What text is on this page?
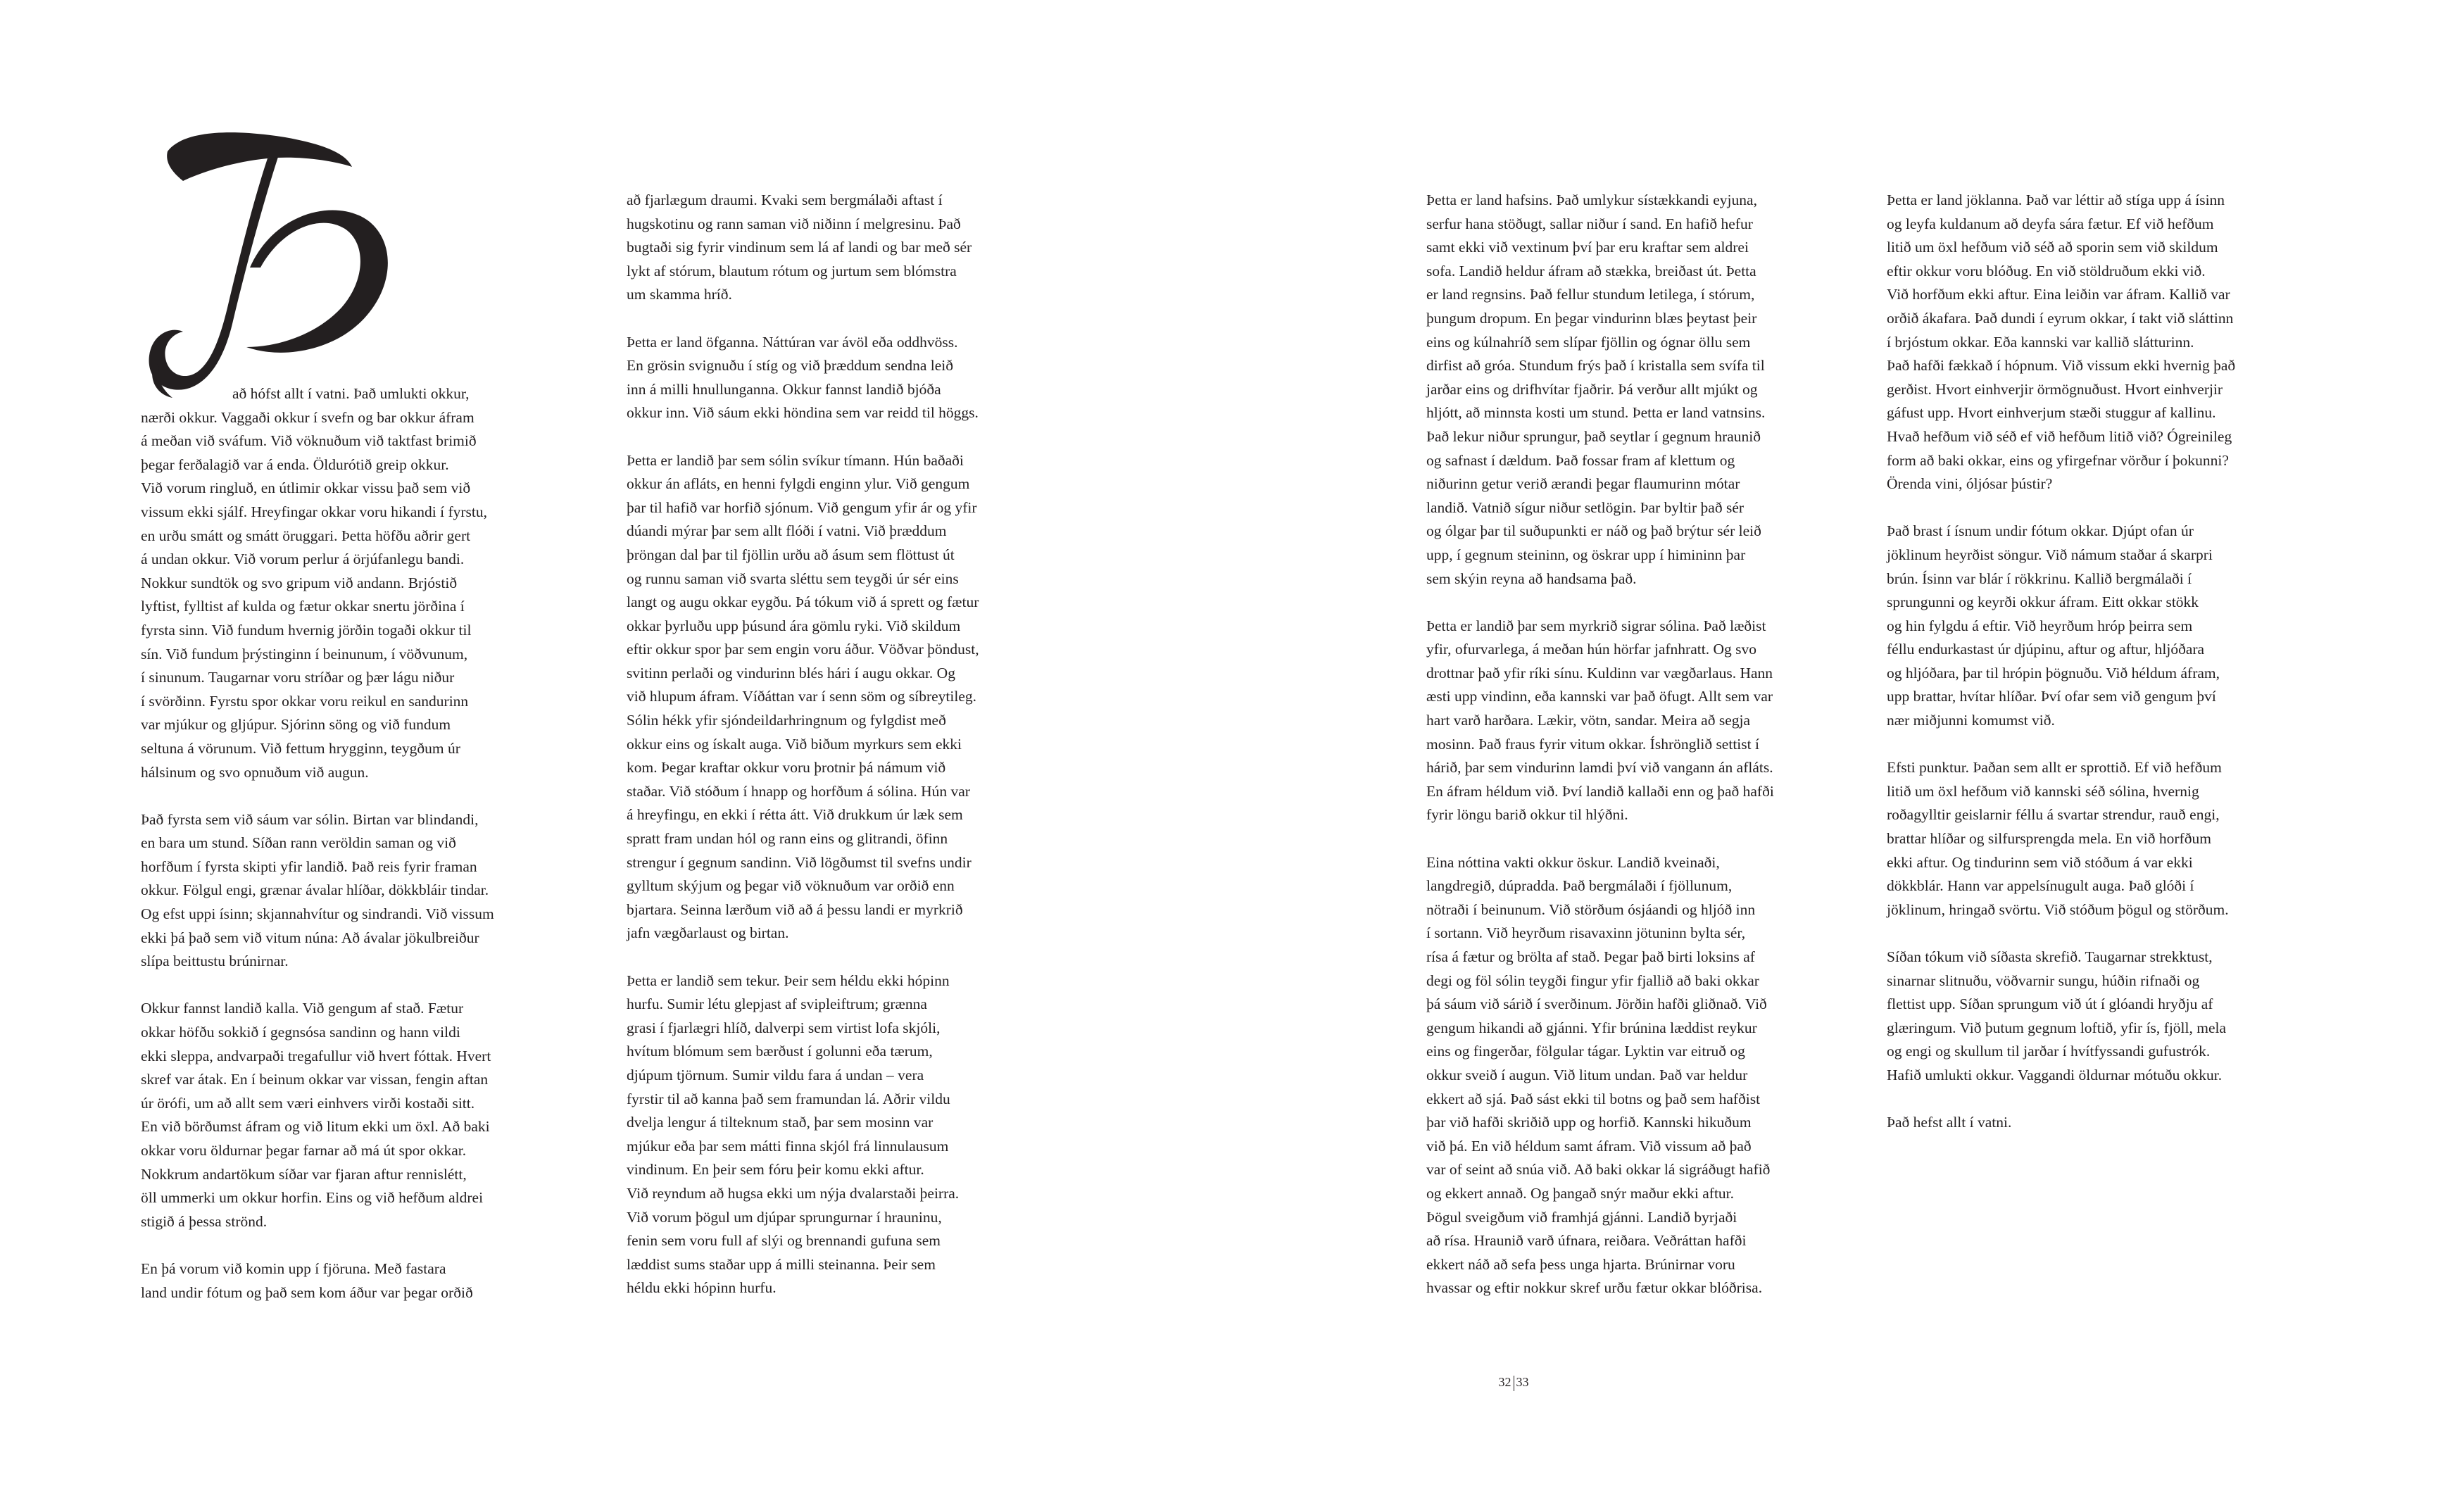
að hófst allt í vatni. Það umlukti okkur,
nærði okkur. Vaggaði okkur í svefn og bar okkur áfram
á meðan við sváfum. Við vöknuðum við taktfast brimið
þegar ferðalagið var á enda. Öldurótið greip okkur.
Við vorum ringluð, en útlimir okkar vissu það sem við
vissum ekki sjálf. Hreyfingar okkar voru hikandi í fyrstu,
en urðu smátt og smátt öruggari. Þetta höfðu aðrir gert
á undan okkur. Við vorum perlur á örjúfanlegu bandi.
Nokkur sundtök og svo gripum við andann. Brjóstið
lyftist, fylltist af kulda og fætur okkar snertu jörðina í
fyrsta sinn. Við fundum hvernig jörðin togaði okkur til
sín. Við fundum þrýstinginn í beinunum, í vöðvunum,
í sinunum. Taugarnar voru stríðar og þær lágu niður
í svörðinn. Fyrstu spor okkar voru reikul en sandurinn
var mjúkur og gljúpur. Sjórinn söng og við fundum
seltuna á vörunum. Við fettum hrygginn, teygðum úr
hálsinum og svo opnuðum við augun.

Það fyrsta sem við sáum var sólin. Birtan var blindandi,
en bara um stund. Síðan rann veröldin saman og við
horfðum í fyrsta skipti yfir landið. Það reis fyrir framan
okkur. Fölgul engi, grænar ávalar hlíðar, dökkbláir tindar.
Og efst uppi ísinn; skjannahvítur og sindrandi. Við vissum
ekki þá það sem við vitum núna: Að ávalar jökulbreiður
slípa beittustu brúnirnar.

Okkur fannst landið kalla. Við gengum af stað. Fætur
okkar höfðu sokkið í gegnsósa sandinn og hann vildi
ekki sleppa, andvarpaði tregafullur við hvert fóttak. Hvert
skref var átak. En í beinum okkar var vissan, fengin aftan
úr örófi, um að allt sem væri einhvers virði kostaði sitt.
En við börðumst áfram og við litum ekki um öxl. Að baki
okkar voru öldurnar þegar farnar að má út spor okkar.
Nokkrum andartökum síðar var fjaran aftur rennislétt,
öll ummerki um okkur horfin. Eins og við hefðum aldrei
stigið á þessa strönd.

En þá vorum við komin upp í fjöruna. Með fastara
land undir fótum og það sem kom áður var þegar orðið

að fjarlægum draumi. Kvaki sem bergmálaði aftast í
hugskotinu og rann saman við niðinn í melgresinu. Það
bugtaði sig fyrir vindinum sem lá af landi og bar með sér
lykt af stórum, blautum rótum og jurtum sem blómstra
um skamma hríð.

Þetta er land öfganna. Náttúran var ávöl eða oddhvöss.
En grösin svignuðu í stíg og við þræddum sendna leið
inn á milli hnullunganna. Okkur fannst landið bjóða
okkur inn. Við sáum ekki höndina sem var reidd til höggs.

Þetta er landið þar sem sólin svíkur tímann. Hún baðaði
okkur án afláts, en henni fylgdi enginn ylur. Við gengum
þar til hafið var horfið sjónum. Við gengum yfir ár og yfir
dúandi mýrar þar sem allt flóði í vatni. Við þræddum
þröngan dal þar til fjöllin urðu að ásum sem flöttust út
og runnu saman við svarta sléttu sem teygði úr sér eins
langt og augu okkar eygðu. Þá tókum við á sprett og fætur
okkar þyrluðu upp þúsund ára gömlu ryki. Við skildum
eftir okkur spor þar sem engin voru áður. Vöðvar þöndust,
svitinn perlaði og vindurinn blés hári í augu okkar. Og
við hlupum áfram. Víðáttan var í senn söm og síbreytileg.
Sólin hékk yfir sjóndeildarhringnum og fylgdist með
okkur eins og ískalt auga. Við biðum myrkurs sem ekki
kom. Þegar kraftar okkur voru þrotnir þá námum við
staðar. Við stóðum í hnapp og horfðum á sólina. Hún var
á hreyfingu, en ekki í rétta átt. Við drukkum úr læk sem
spratt fram undan hól og rann eins og glitrandi, öfinn
strengur í gegnum sandinn. Við lögðumst til svefns undir
gylltum skýjum og þegar við vöknuðum var orðið enn
bjartara. Seinna lærðum við að á þessu landi er myrkrið
jafn vægðarlaust og birtan.

Þetta er landið sem tekur. Þeir sem héldu ekki hópinn
hurfu. Sumir létu glepjast af svipleiftrum; grænna
grasi í fjarlægri hlíð, dalverpi sem virtist lofa skjóli,
hvítum blómum sem bærðust í golunni eða tærum,
djúpum tjörnum. Sumir vildu fara á undan – vera
fyrstir til að kanna það sem framundan lá. Aðrir vildu
dvelja lengur á tilteknum stað, þar sem mosinn var
mjúkur eða þar sem mátti finna skjól frá linnulausum
vindinum. En þeir sem fóru þeir komu ekki aftur.
Við reyndum að hugsa ekki um nýja dvalarstaði þeirra.
Við vorum þögul um djúpar sprungurnar í hrauninu,
fenin sem voru full af slýi og brennandi gufuna sem
læddist sums staðar upp á milli steinanna. Þeir sem
héldu ekki hópinn hurfu.

Þetta er land hafsins. Það umlykur sístækkandi eyjuna,
serfur hana stöðugt, sallar niður í sand. En hafið hefur
samt ekki við vextinum því þar eru kraftar sem aldrei
sofa. Landið heldur áfram að stækka, breiðast út. Þetta
er land regnsins. Það fellur stundum letilega, í stórum,
þungum dropum. En þegar vindurinn blæs þeytast þeir
eins og kúlnahríð sem slípar fjöllin og ógnar öllu sem
dirfist að gróa. Stundum frýs það í kristalla sem svífa til
jarðar eins og drifhvítar fjaðrir. Þá verður allt mjúkt og
hljótt, að minnsta kosti um stund. Þetta er land vatnsins.
Það lekur niður sprungur, það seytlar í gegnum hraunið
og safnast í dældum. Það fossar fram af klettum og
niðurinn getur verið ærandi þegar flaumurinn mótar
landið. Vatnið sígur niður setlögin. Þar byltir það sér
og ólgar þar til suðupunkti er náð og það brýtur sér leið
upp, í gegnum steininn, og öskrar upp í himininn þar
sem skýin reyna að handsama það.

Þetta er landið þar sem myrkrið sigrar sólina. Það læðist
yfir, ofurvarlega, á meðan hún hörfar jafnhratt. Og svo
drottnar það yfir ríki sínu. Kuldinn var vægðarlaus. Hann
æsti upp vindinn, eða kannski var það öfugt. Allt sem var
hart varð harðara. Lækir, vötn, sandar. Meira að segja
mosinn. Það fraus fyrir vitum okkar. Íshrönglið settist í
hárið, þar sem vindurinn lamdi því við vangann án afláts.
En áfram héldum við. Því landið kallaði enn og það hafði
fyrir löngu barið okkur til hlýðni.

Eina nóttina vakti okkur öskur. Landið kveinaði,
langdregið, dúpradda. Það bergmálaði í fjöllunum,
nötraði í beinunum. Við störðum ósjáandi og hljóð inn
í sortann. Við heyrðum risavaxinn jötuninn bylta sér,
rísa á fætur og bröltа af stað. Þegar það birti loksins af
degi og föl sólin teygði fingur yfir fjallið að baki okkar
þá sáum við sárið í sverðinum. Jörðin hafði gliðnað. Við
gengum hikandi að gjánni. Yfir brúnina læddist reykur
eins og fingerðar, fölgular tágar. Lyktin var eitruð og
okkur sveið í augun. Við litum undan. Það var heldur
ekkert að sjá. Það sást ekki til botns og það sem hafðist
þar við hafði skriðið upp og horfið. Kannski hikuðum
við þá. En við héldum samt áfram. Við vissum að það
var of seint að snúa við. Að baki okkar lá sigráðugt hafið
og ekkert annað. Og þangað snýr maður ekki aftur.
Þögul sveigðum við framhjá gjánni. Landið byrjaði
að rísa. Hraunið varð úfnara, reiðara. Veðráttan hafði
ekkert náð að sefa þess unga hjarta. Brúnirnar voru
hvassar og eftir nokkur skref urðu fætur okkar blóðrisa.

Þetta er land jöklanna. Það var léttir að stíga upp á ísinn
og leyfa kuldanum að deyfa sára fætur. Ef við hefðum
litið um öxl hefðum við séð að sporin sem við skildum
eftir okkur voru blóðug. En við stöldruðum ekki við.
Við horfðum ekki aftur. Eina leiðin var áfram. Kallið var
orðið ákafara. Það dundi í eyrum okkar, í takt við sláttinn
í brjóstum okkar. Eða kannski var kallið slátturinn.
Það hafði fækkað í hópnum. Við vissum ekki hvernig það
gerðist. Hvort einhverjir örmögnuðust. Hvort einhverjir
gáfust upp. Hvort einhverjum stæði stuggur af kallinu.
Hvað hefðum við séð ef við hefðum litið við? Ógreinileg
form að baki okkar, eins og yfirgefnar vörður í þokunni?
Örenda vini, óljósar þústir?

Það brast í ísnum undir fótum okkar. Djúpt ofan úr
jöklinum heyrðist söngur. Við námum staðar á skarpri
brún. Ísinn var blár í rökkrinu. Kallið bergmálaði í
sprungunni og keyrði okkur áfram. Eitt okkar stökk
og hin fylgdu á eftir. Við heyrðum hróp þeirra sem
féllu endurkastast úr djúpinu, aftur og aftur, hljóðara
og hljóðara, þar til hrópin þögnuðu. Við héldum áfram,
upp brattar, hvítar hlíðar. Því ofar sem við gengum því
nær miðjunni komumst við.

Efsti punktur. Þaðan sem allt er sprottið. Ef við hefðum
litið um öxl hefðum við kannski séð sólina, hvernig
roðagylltir geislarnir féllu á svartar strendur, rauð engi,
brattar hlíðar og silfursprengda mela. En við horfðum
ekki aftur. Og tindurinn sem við stóðum á var ekki
dökkblár. Hann var appelsínugult auga. Það glóði í
jöklinum, hringað svörtu. Við stóðum þögul og störðum.

Síðan tókum við síðasta skrefið. Taugarnar strekktust,
sinarnar slitnuðu, vöðvarnir sungu, húðin rifnaði og
flettist upp. Síðan sprungum við út í glóandi hryðju af
glæringum. Við þutum gegnum loftið, yfir ís, fjöll, mela
og engi og skullum til jarðar í hvítfyssandi gufustrók.
Hafið umlukti okkur. Vaggandi öldurnar mótuðu okkur.

Það hefst allt í vatni.

32 33
